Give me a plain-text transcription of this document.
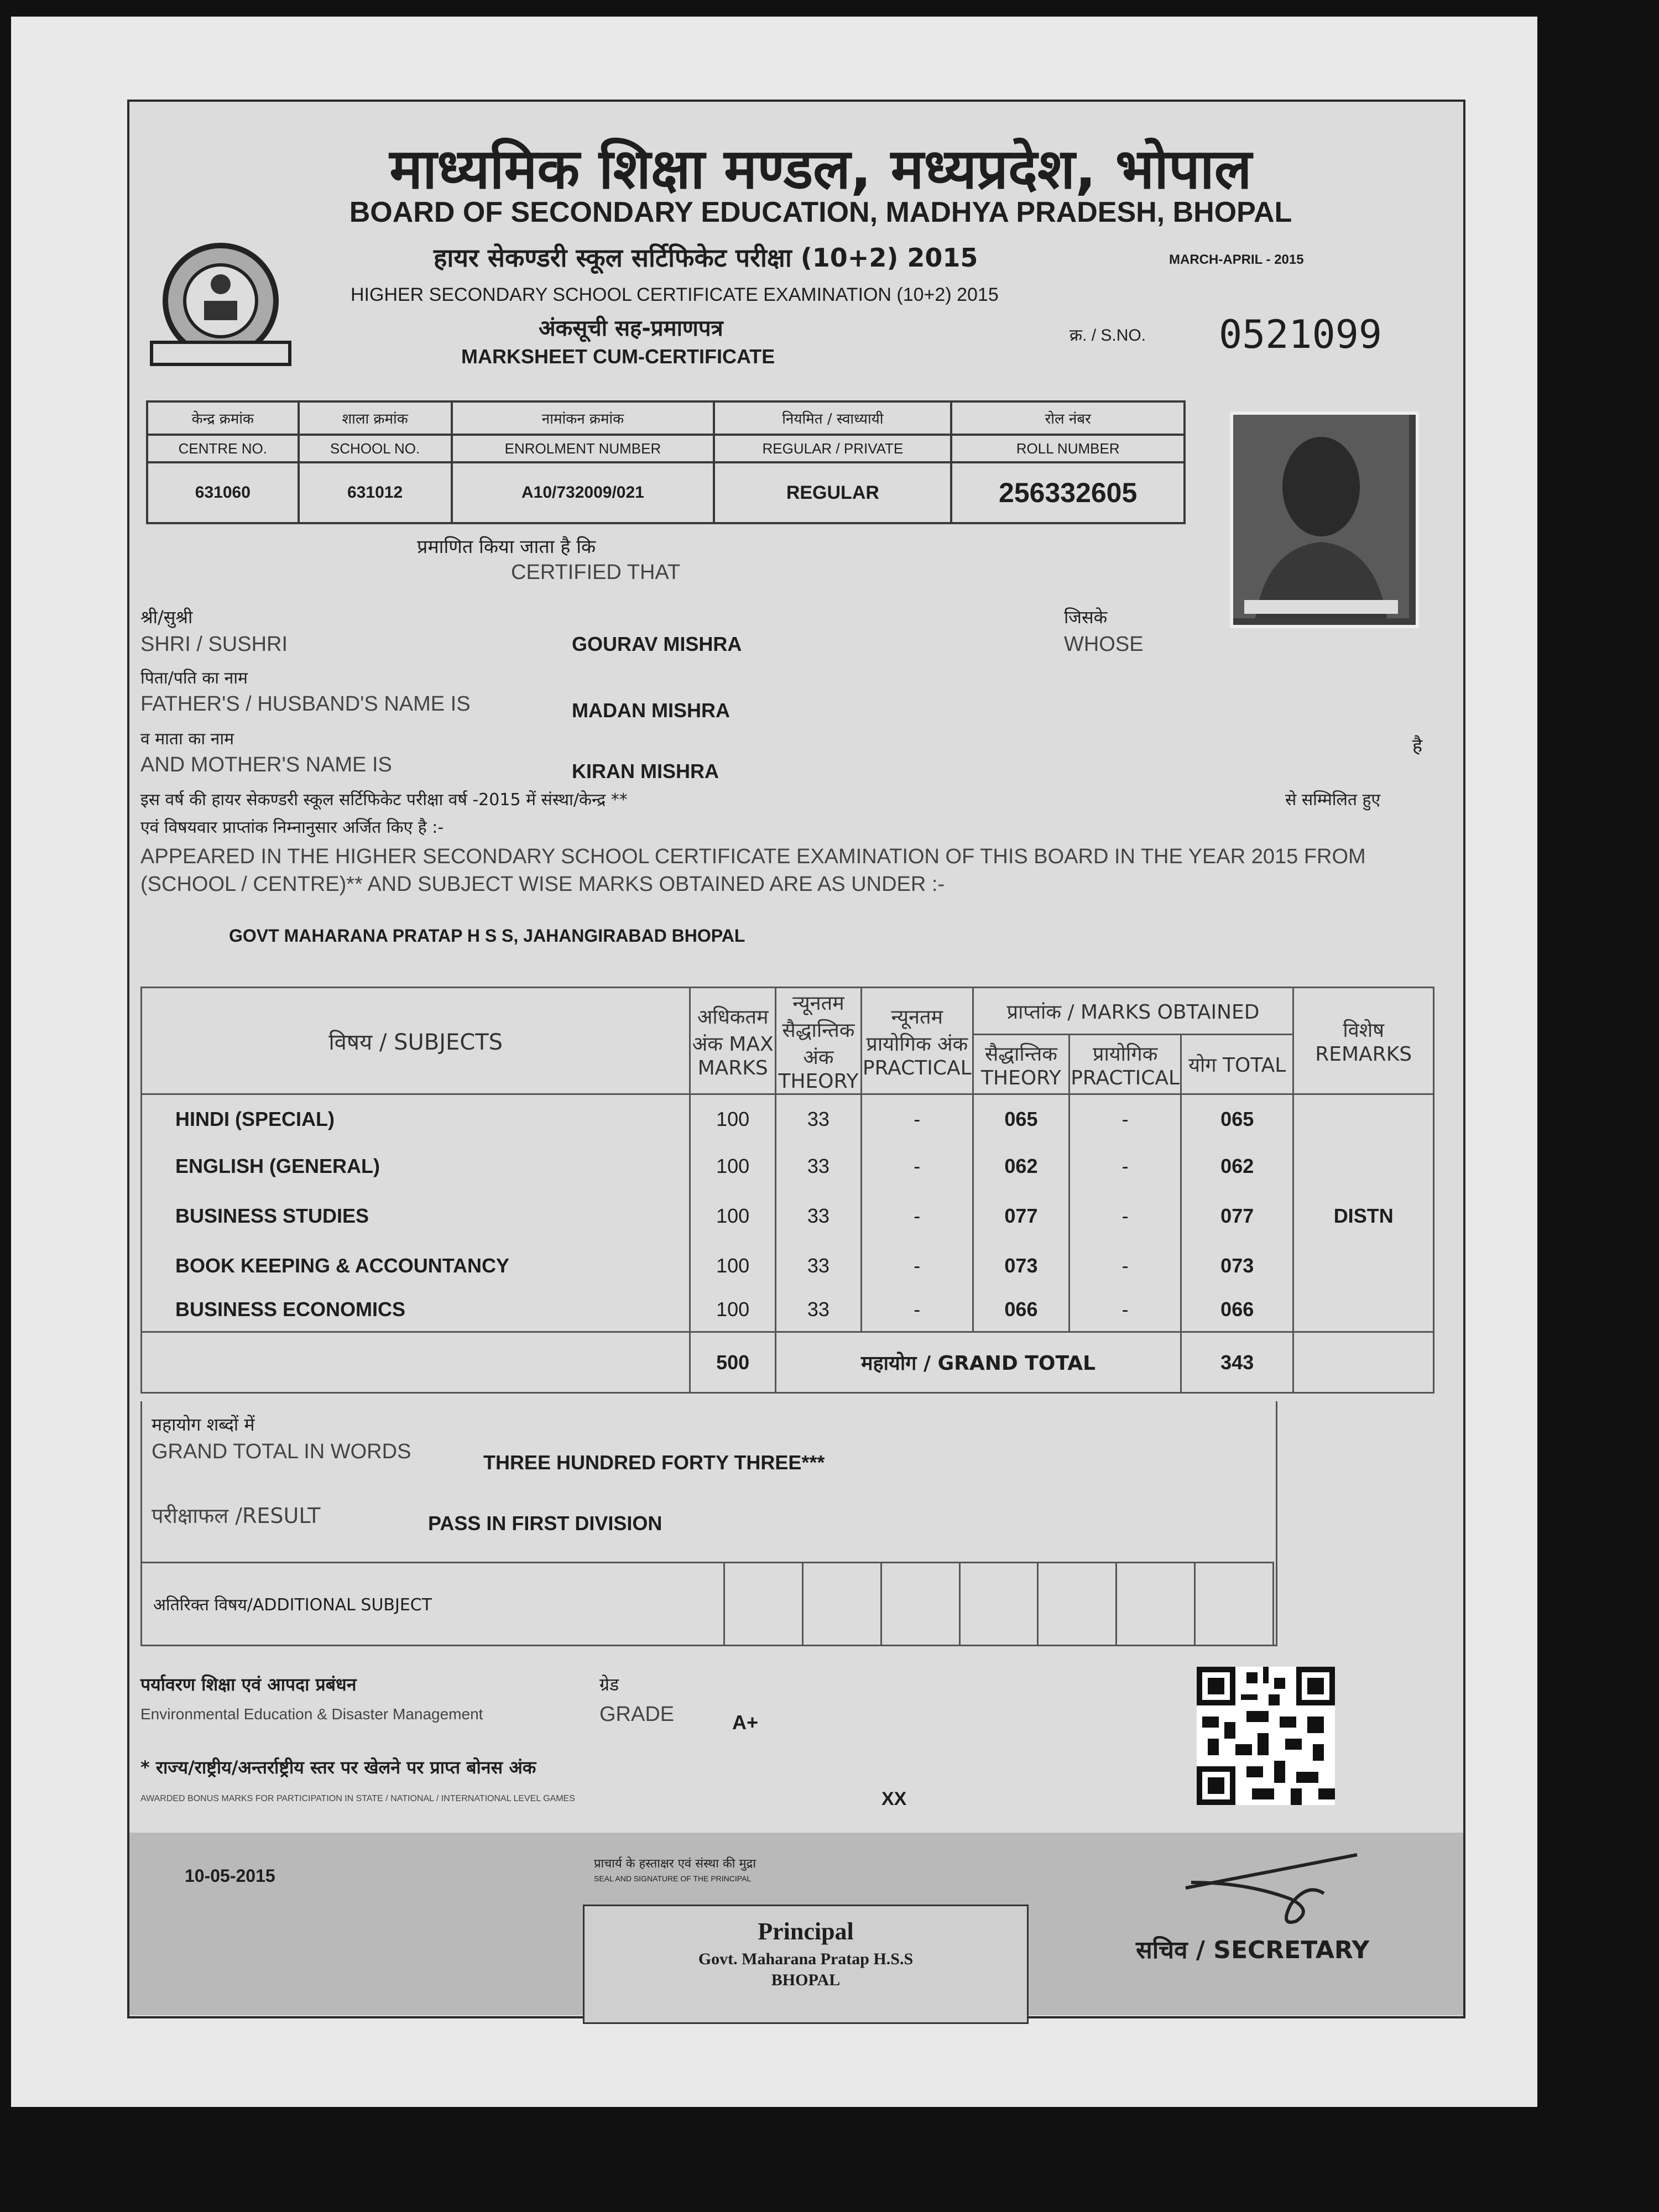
माध्यमिक शिक्षा मण्डल, मध्यप्रदेश, भोपाल
BOARD OF SECONDARY EDUCATION, MADHYA PRADESH, BHOPAL
हायर सेकण्डरी स्कूल सर्टिफिकेट परीक्षा (10+2) 2015	MARCH-APRIL - 2015
HIGHER SECONDARY SCHOOL CERTIFICATE EXAMINATION (10+2) 2015
अंकसूची सह-प्रमाणपत्र
MARKSHEET CUM-CERTIFICATE
क्र. / S.NO. 0521099
केन्द्र क्रमांक	शाला क्रमांक	नामांकन क्रमांक	नियमित / स्वाध्यायी	रोल नंबर
CENTRE NO.	SCHOOL NO.	ENROLMENT NUMBER	REGULAR / PRIVATE	ROLL NUMBER
631060	631012	A10/732009/021	REGULAR	256332605
प्रमाणित किया जाता है कि
CERTIFIED THAT
श्री/सुश्री
SHRI / SUSHRI	GOURAV MISHRA
जिसके
WHOSE
पिता/पति का नाम
FATHER'S / HUSBAND'S NAME IS	MADAN MISHRA
व माता का नाम
AND MOTHER'S NAME IS	KIRAN MISHRA
है
इस वर्ष की हायर सेकण्डरी स्कूल सर्टिफिकेट परीक्षा वर्ष -2015 में संस्था/केन्द्र **	से सम्मिलित हुए
एवं विषयवार प्राप्तांक निम्नानुसार अर्जित किए है :-
APPEARED IN THE HIGHER SECONDARY SCHOOL CERTIFICATE EXAMINATION OF THIS BOARD IN THE YEAR 2015 FROM (SCHOOL / CENTRE)** AND SUBJECT WISE MARKS OBTAINED ARE AS UNDER :-
GOVT MAHARANA PRATAP H S S, JAHANGIRABAD BHOPAL
विषय / SUBJECTS	अधिकतम अंक MAX MARKS	न्यूनतम सैद्धान्तिक अंक THEORY	न्यूनतम प्रायोगिक अंक PRACTICAL	प्राप्तांक / MARKS OBTAINED			विशेष REMARKS
				सैद्धान्तिक THEORY	प्रायोगिक PRACTICAL	योग TOTAL	
HINDI (SPECIAL)	100	33	-	065	-	065	
ENGLISH (GENERAL)	100	33	-	062	-	062	
BUSINESS STUDIES	100	33	-	077	-	077	DISTN
BOOK KEEPING & ACCOUNTANCY	100	33	-	073	-	073	
BUSINESS ECONOMICS	100	33	-	066	-	066	
	500	महायोग / GRAND TOTAL				343	
महायोग शब्दों में
GRAND TOTAL IN WORDS	THREE HUNDRED FORTY THREE***
परीक्षाफल /RESULT	PASS IN FIRST DIVISION
अतिरिक्त विषय/ADDITIONAL SUBJECT							
पर्यावरण शिक्षा एवं आपदा प्रबंधन
Environmental Education & Disaster Management
ग्रेड
GRADE	A+
* राज्य/राष्ट्रीय/अन्तर्राष्ट्रीय स्तर पर खेलने पर प्राप्त बोनस अंक
AWARDED BONUS MARKS FOR PARTICIPATION IN STATE / NATIONAL / INTERNATIONAL LEVEL GAMES	XX
10-05-2015
प्राचार्य के हस्ताक्षर एवं संस्था की मुद्रा
SEAL AND SIGNATURE OF THE PRINCIPAL
Principal
Govt. Maharana Pratap H.S.S
BHOPAL
सचिव / SECRETARY
